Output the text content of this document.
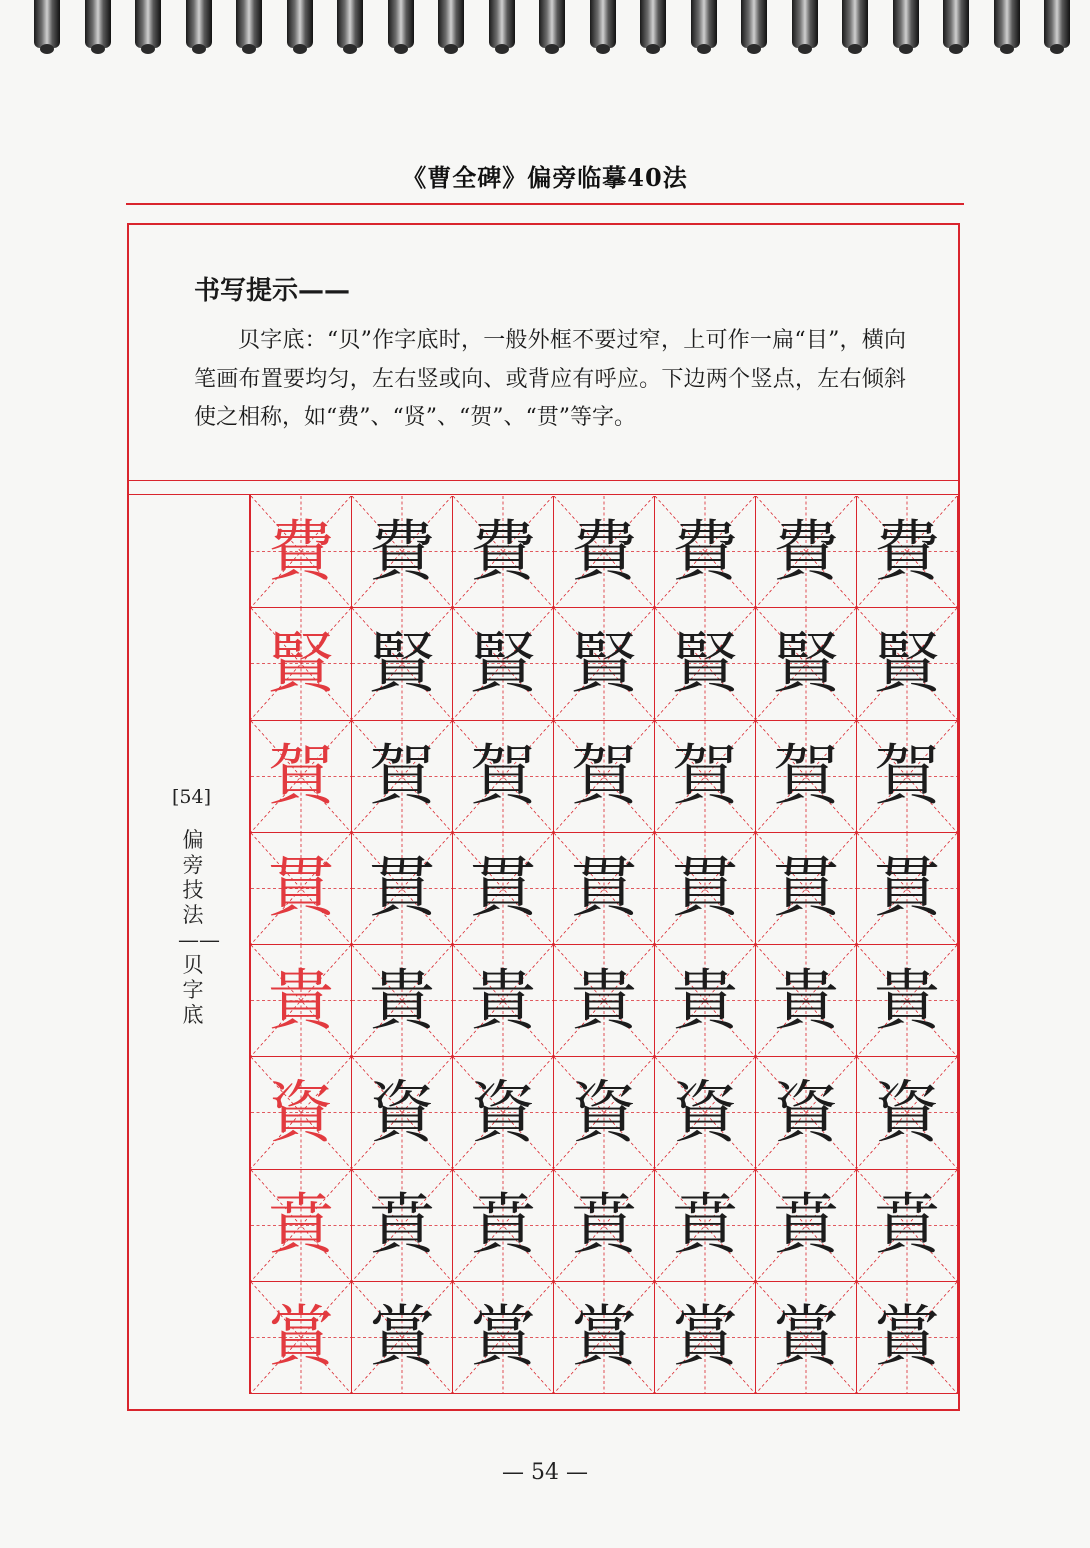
《曹全碑》偏旁临摹40法
书写提示——
贝字底：“贝”作字底时，一般外框不要过窄，上可作一扁“目”，横向笔画布置要均匀，左右竖或向、或背应有呼应。下边两个竖点，左右倾斜使之相称，如“费”、“贤”、“贺”、“贯”等字。
[54]
偏旁技法——贝字底
費 費 費 費 費 費 費
賢 賢 賢 賢 賢 賢 賢
賀 賀 賀 賀 賀 賀 賀
貫 貫 貫 貫 貫 貫 貫
貴 貴 貴 貴 貴 貴 貴
資 資 資 資 資 資 資
賁 賁 賁 賁 賁 賁 賁
賞 賞 賞 賞 賞 賞 賞
— 54 —
